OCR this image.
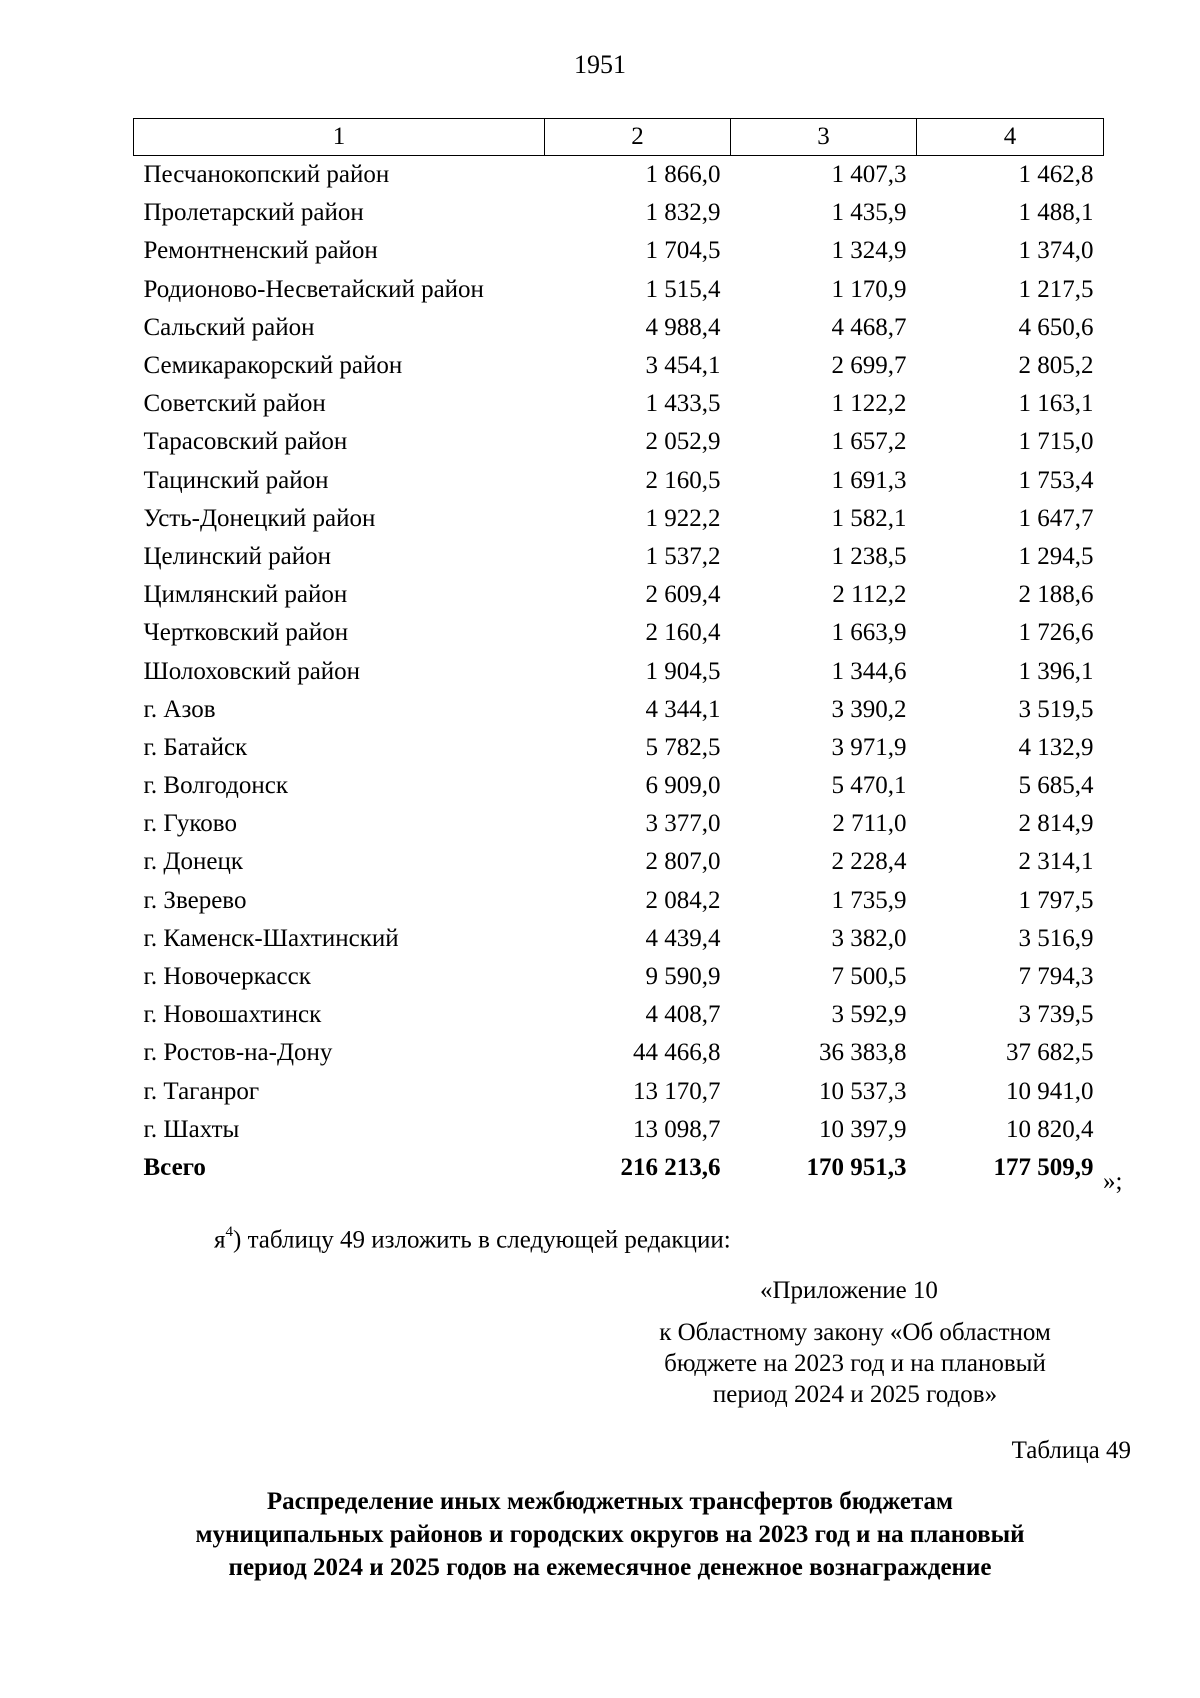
1951
1	2	3	4
Песчанокопский район	1 866,0	1 407,3	1 462,8
Пролетарский район	1 832,9	1 435,9	1 488,1
Ремонтненский район	1 704,5	1 324,9	1 374,0
Родионово-Несветайский район	1 515,4	1 170,9	1 217,5
Сальский район	4 988,4	4 468,7	4 650,6
Семикаракорский район	3 454,1	2 699,7	2 805,2
Советский район	1 433,5	1 122,2	1 163,1
Тарасовский район	2 052,9	1 657,2	1 715,0
Тацинский район	2 160,5	1 691,3	1 753,4
Усть-Донецкий район	1 922,2	1 582,1	1 647,7
Целинский район	1 537,2	1 238,5	1 294,5
Цимлянский район	2 609,4	2 112,2	2 188,6
Чертковский район	2 160,4	1 663,9	1 726,6
Шолоховский район	1 904,5	1 344,6	1 396,1
г. Азов	4 344,1	3 390,2	3 519,5
г. Батайск	5 782,5	3 971,9	4 132,9
г. Волгодонск	6 909,0	5 470,1	5 685,4
г. Гуково	3 377,0	2 711,0	2 814,9
г. Донецк	2 807,0	2 228,4	2 314,1
г. Зверево	2 084,2	1 735,9	1 797,5
г. Каменск-Шахтинский	4 439,4	3 382,0	3 516,9
г. Новочеркасск	9 590,9	7 500,5	7 794,3
г. Новошахтинск	4 408,7	3 592,9	3 739,5
г. Ростов-на-Дону	44 466,8	36 383,8	37 682,5
г. Таганрог	13 170,7	10 537,3	10 941,0
г. Шахты	13 098,7	10 397,9	10 820,4
Всего	216 213,6	170 951,3	177 509,9
»;
$я^4$) таблицу 49 изложить в следующей редакции:
«Приложение 10
к Областному закону «Об областном
бюджете на 2023 год и на плановый
период 2024 и 2025 годов»
Таблица 49
Распределение иных межбюджетных трансфертов бюджетам
муниципальных районов и городских округов на 2023 год и на плановый
период 2024 и 2025 годов на ежемесячное денежное вознаграждение
